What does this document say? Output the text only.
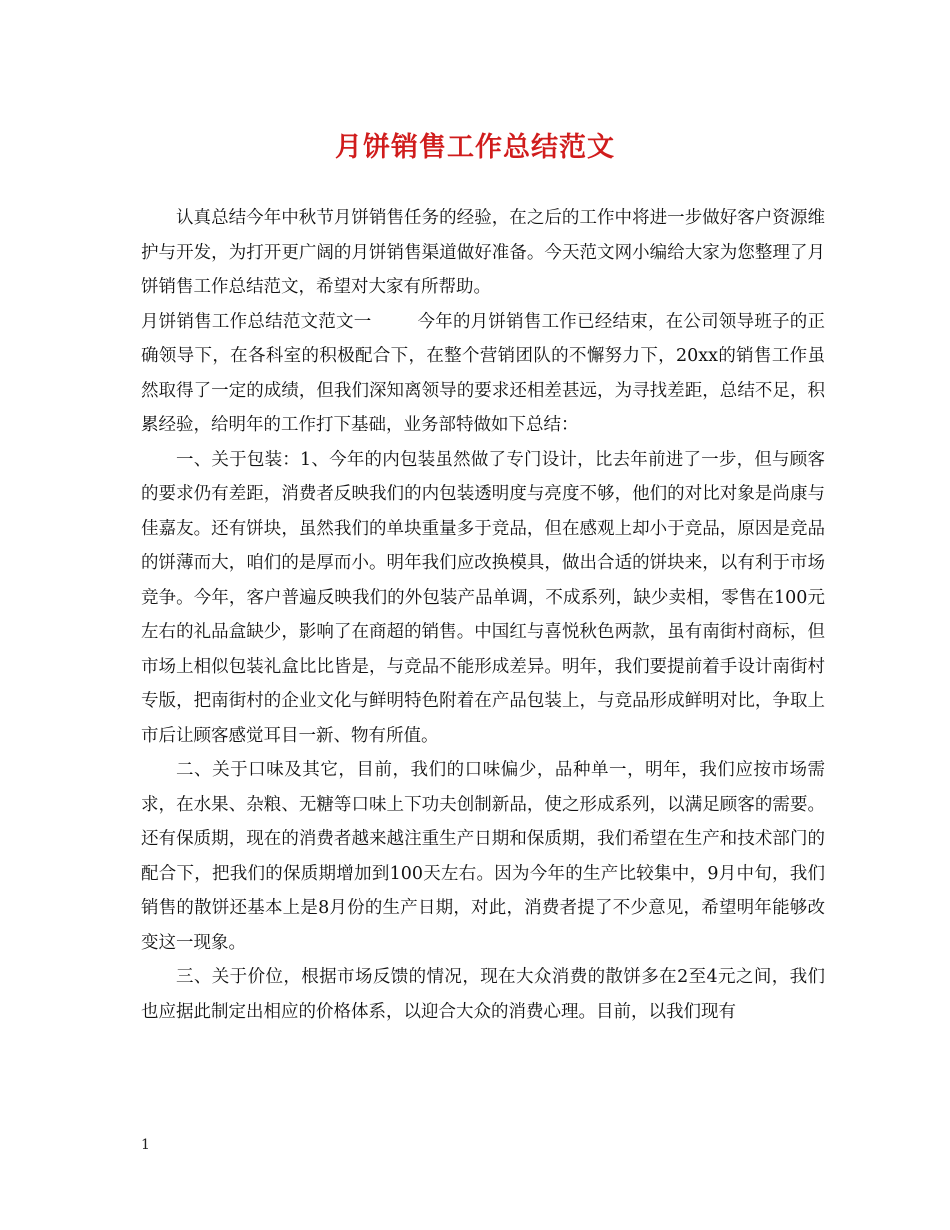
月饼销售工作总结范文

认真总结今年中秋节月饼销售任务的经验，在之后的工作中将进一步做好客户资源维护与开发，为打开更广阔的月饼销售渠道做好准备。今天范文网小编给大家为您整理了月饼销售工作总结范文，希望对大家有所帮助。

月饼销售工作总结范文范文一	今年的月饼销售工作已经结束，在公司领导班子的正确领导下，在各科室的积极配合下，在整个营销团队的不懈努力下，20xx的销售工作虽然取得了一定的成绩，但我们深知离领导的要求还相差甚远，为寻找差距，总结不足，积累经验，给明年的工作打下基础，业务部特做如下总结：

一、关于包装：1、今年的内包装虽然做了专门设计，比去年前进了一步，但与顾客的要求仍有差距，消费者反映我们的内包装透明度与亮度不够，他们的对比对象是尚康与佳嘉友。还有饼块，虽然我们的单块重量多于竞品，但在感观上却小于竞品，原因是竞品的饼薄而大，咱们的是厚而小。明年我们应改换模具，做出合适的饼块来，以有利于市场竞争。今年，客户普遍反映我们的外包装产品单调，不成系列，缺少卖相，零售在100元左右的礼品盒缺少，影响了在商超的销售。中国红与喜悦秋色两款，虽有南街村商标，但市场上相似包装礼盒比比皆是，与竞品不能形成差异。明年，我们要提前着手设计南街村专版，把南街村的企业文化与鲜明特色附着在产品包装上，与竞品形成鲜明对比，争取上市后让顾客感觉耳目一新、物有所值。

二、关于口味及其它，目前，我们的口味偏少，品种单一，明年，我们应按市场需求，在水果、杂粮、无糖等口味上下功夫创制新品，使之形成系列，以满足顾客的需要。还有保质期，现在的消费者越来越注重生产日期和保质期，我们希望在生产和技术部门的配合下，把我们的保质期增加到100天左右。因为今年的生产比较集中，9月中旬，我们销售的散饼还基本上是8月份的生产日期，对此，消费者提了不少意见，希望明年能够改变这一现象。

三、关于价位，根据市场反馈的情况，现在大众消费的散饼多在2至4元之间，我们也应据此制定出相应的价格体系，以迎合大众的消费心理。目前，以我们现有

1
